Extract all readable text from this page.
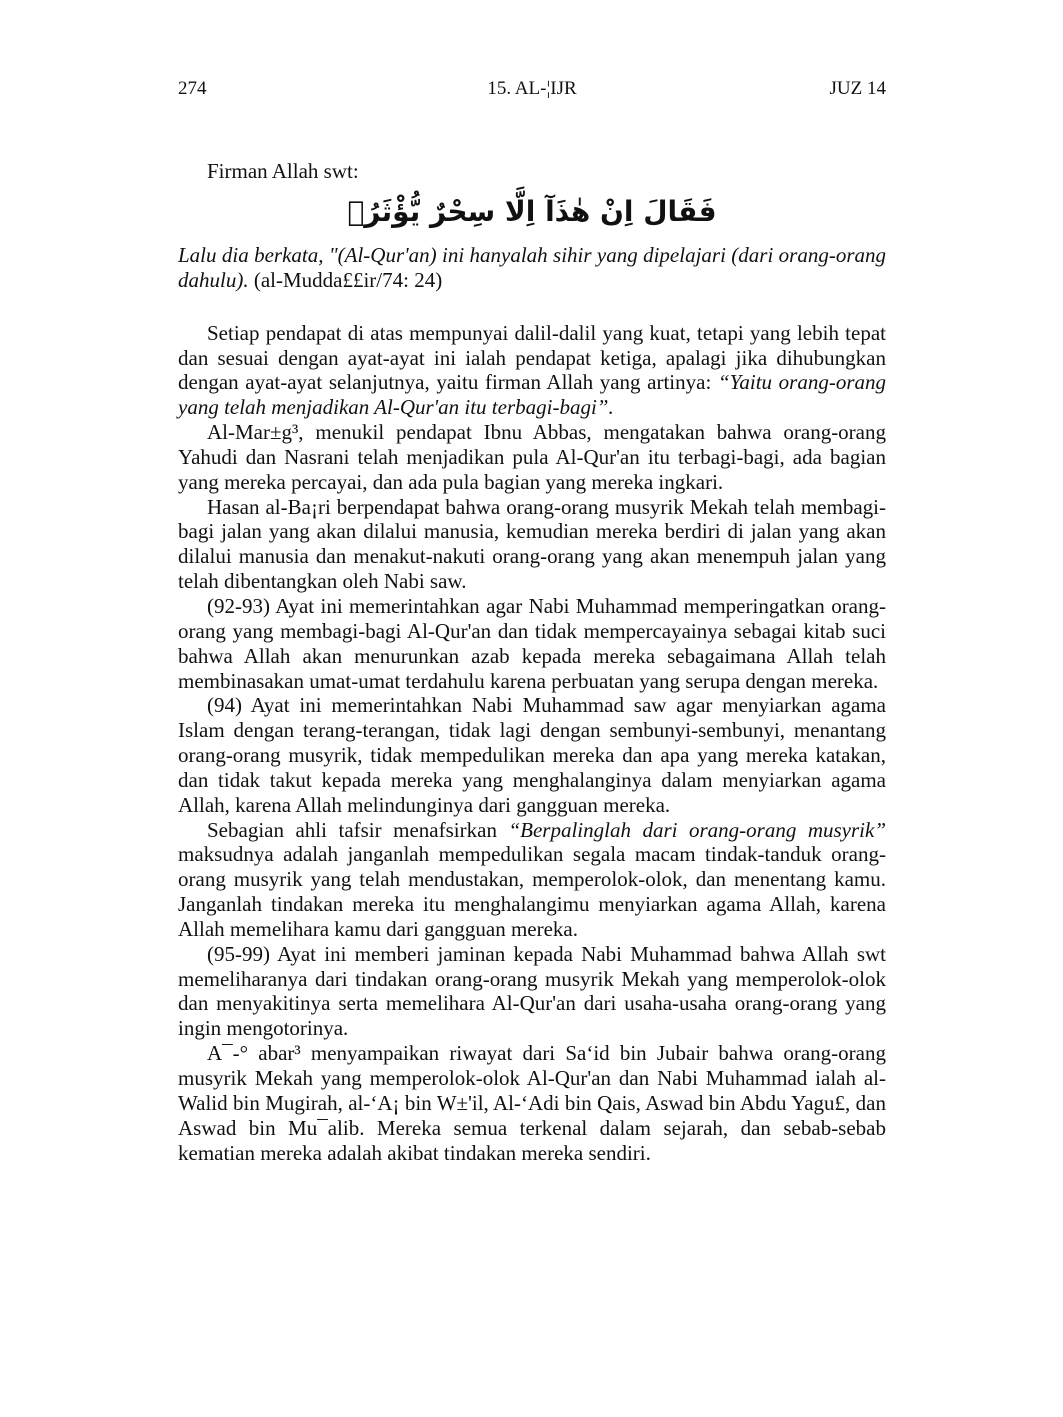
274	15. AL-¦IJR	JUZ 14
Firman Allah swt:
فَقَالَ اِنْ هٰذَآ اِلَّا سِحْرٌ يُّؤْثَرُۙ

Lalu dia berkata, "(Al-Qur'an) ini hanyalah sihir yang dipelajari (dari orang-orang dahulu). (al-Mudda££ir/74: 24)

Setiap pendapat di atas mempunyai dalil-dalil yang kuat, tetapi yang lebih tepat dan sesuai dengan ayat-ayat ini ialah pendapat ketiga, apalagi jika dihubungkan dengan ayat-ayat selanjutnya, yaitu firman Allah yang artinya: “Yaitu orang-orang yang telah menjadikan Al-Qur'an itu terbagi-bagi”.

Al-Mar±g³, menukil pendapat Ibnu Abbas, mengatakan bahwa orang-orang Yahudi dan Nasrani telah menjadikan pula Al-Qur'an itu terbagi-bagi, ada bagian yang mereka percayai, dan ada pula bagian yang mereka ingkari.

Hasan al-Ba¡ri berpendapat bahwa orang-orang musyrik Mekah telah membagi-bagi jalan yang akan dilalui manusia, kemudian mereka berdiri di jalan yang akan dilalui manusia dan menakut-nakuti orang-orang yang akan menempuh jalan yang telah dibentangkan oleh Nabi saw.

(92-93) Ayat ini memerintahkan agar Nabi Muhammad memperingatkan orang-orang yang membagi-bagi Al-Qur'an dan tidak mempercayainya sebagai kitab suci bahwa Allah akan menurunkan azab kepada mereka sebagaimana Allah telah membinasakan umat-umat terdahulu karena perbuatan yang serupa dengan mereka.

(94) Ayat ini memerintahkan Nabi Muhammad saw agar menyiarkan agama Islam dengan terang-terangan, tidak lagi dengan sembunyi-sembunyi, menantang orang-orang musyrik, tidak mempedulikan mereka dan apa yang mereka katakan, dan tidak takut kepada mereka yang menghalanginya dalam menyiarkan agama Allah, karena Allah melindunginya dari gangguan mereka.

Sebagian ahli tafsir menafsirkan “Berpalinglah dari orang-orang musyrik” maksudnya adalah janganlah mempedulikan segala macam tindak-tanduk orang-orang musyrik yang telah mendustakan, memperolok-olok, dan menentang kamu. Janganlah tindakan mereka itu menghalangimu menyiarkan agama Allah, karena Allah memelihara kamu dari gangguan mereka.

(95-99) Ayat ini memberi jaminan kepada Nabi Muhammad bahwa Allah swt memeliharanya dari tindakan orang-orang musyrik Mekah yang memperolok-olok dan menyakitinya serta memelihara Al-Qur'an dari usaha-usaha orang-orang yang ingin mengotorinya.

A¯-° abar³ menyampaikan riwayat dari Sa‘id bin Jubair bahwa orang-orang musyrik Mekah yang memperolok-olok Al-Qur'an dan Nabi Muhammad ialah al-Walid bin Mugirah, al-‘A¡ bin W±'il, Al-‘Adi bin Qais, Aswad bin Abdu Yagu£, dan Aswad bin Mu¯alib. Mereka semua terkenal dalam sejarah, dan sebab-sebab kematian mereka adalah akibat tindakan mereka sendiri.
